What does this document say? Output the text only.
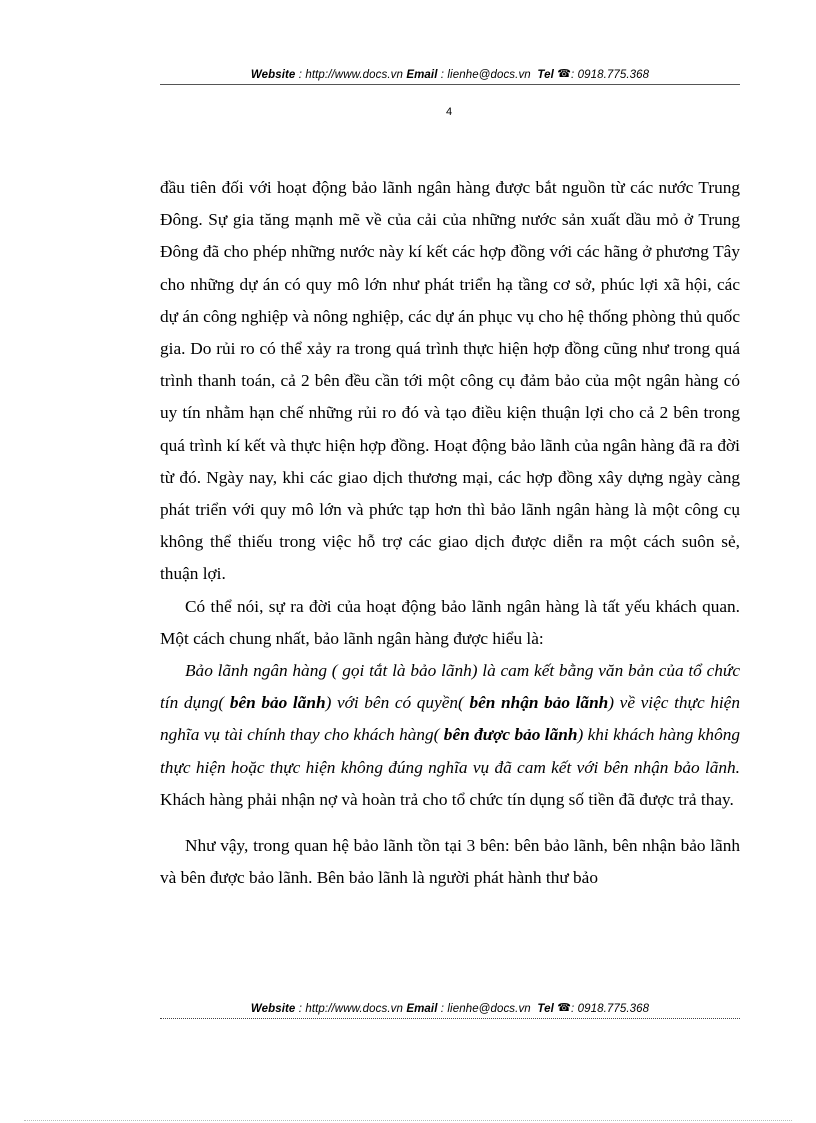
Website : http://www.docs.vn Email : lienhe@docs.vn Tel ☎: 0918.775.368
4

đầu tiên đối với hoạt động bảo lãnh ngân hàng được bắt nguồn từ các nước Trung Đông. Sự gia tăng mạnh mẽ về của cải của những nước sản xuất dầu mỏ ở Trung Đông đã cho phép những nước này kí kết các hợp đồng với các hãng ở phương Tây cho những dự án có quy mô lớn như phát triển hạ tầng cơ sở, phúc lợi xã hội, các dự án công nghiệp và nông nghiệp, các dự án phục vụ cho hệ thống phòng thủ quốc gia. Do rủi ro có thể xảy ra trong quá trình thực hiện hợp đồng cũng như trong quá trình thanh toán, cả 2 bên đều cần tới một công cụ đảm bảo của một ngân hàng có uy tín nhằm hạn chế những rủi ro đó và tạo điều kiện thuận lợi cho cả 2 bên trong quá trình kí kết và thực hiện hợp đồng. Hoạt động bảo lãnh của ngân hàng đã ra đời từ đó. Ngày nay, khi các giao dịch thương mại, các hợp đồng xây dựng ngày càng phát triển với quy mô lớn và phức tạp hơn thì bảo lãnh ngân hàng là một công cụ không thể thiếu trong việc hỗ trợ các giao dịch được diễn ra một cách suôn sẻ, thuận lợi.

Có thể nói, sự ra đời của hoạt động bảo lãnh ngân hàng là tất yếu khách quan. Một cách chung nhất, bảo lãnh ngân hàng được hiểu là:

Bảo lãnh ngân hàng ( gọi tắt là bảo lãnh) là cam kết bằng văn bản của tổ chức tín dụng( bên bảo lãnh) với bên có quyền( bên nhận bảo lãnh) về việc thực hiện nghĩa vụ tài chính thay cho khách hàng( bên được bảo lãnh) khi khách hàng không thực hiện hoặc thực hiện không đúng nghĩa vụ đã cam kết với bên nhận bảo lãnh. Khách hàng phải nhận nợ và hoàn trả cho tổ chức tín dụng số tiền đã được trả thay.

Như vậy, trong quan hệ bảo lãnh tồn tại 3 bên: bên bảo lãnh, bên nhận bảo lãnh và bên được bảo lãnh. Bên bảo lãnh là người phát hành thư bảo

Website : http://www.docs.vn Email : lienhe@docs.vn Tel ☎: 0918.775.368
